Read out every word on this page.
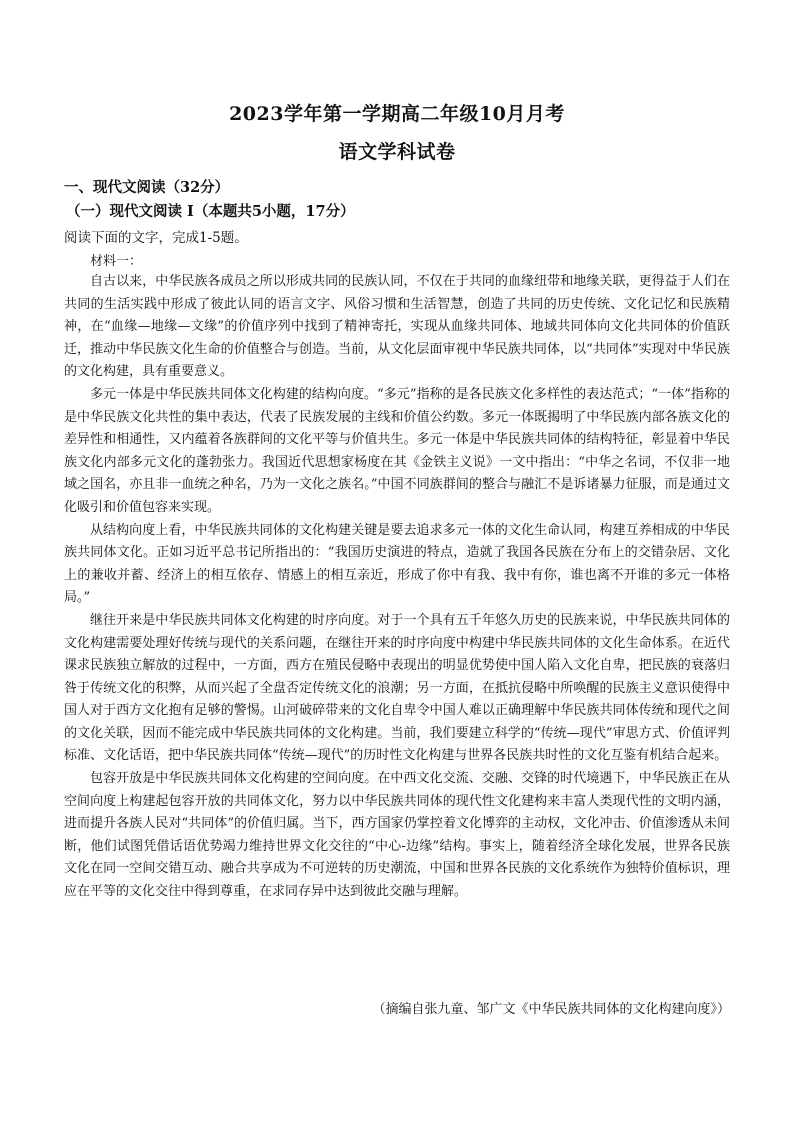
2023学年第一学期高二年级10月月考
语文学科试卷
一、现代文阅读（32分）
（一）现代文阅读 I（本题共5小题，17分）
阅读下面的文字，完成1-5题。
材料一：

自古以来，中华民族各成员之所以形成共同的民族认同，不仅在于共同的血缘纽带和地缘关联，更得益于人们在共同的生活实践中形成了彼此认同的语言文字、风俗习惯和生活智慧，创造了共同的历史传统、文化记忆和民族精神，在“血缘—地缘—文缘”的价值序列中找到了精神寄托，实现从血缘共同体、地域共同体向文化共同体的价值跃迁，推动中华民族文化生命的价值整合与创造。当前，从文化层面审视中华民族共同体，以“共同体”实现对中华民族的文化构建，具有重要意义。

多元一体是中华民族共同体文化构建的结构向度。“多元”指称的是各民族文化多样性的表达范式；“一体”指称的是中华民族文化共性的集中表达，代表了民族发展的主线和价值公约数。多元一体既揭明了中华民族内部各族文化的差异性和相通性，又内蕴着各族群间的文化平等与价值共生。多元一体是中华民族共同体的结构特征，彰显着中华民族文化内部多元文化的蓬勃张力。我国近代思想家杨度在其《金铁主义说》一文中指出：“中华之名词，不仅非一地域之国名，亦且非一血统之种名，乃为一文化之族名。”中国不同族群间的整合与融汇不是诉诸暴力征服，而是通过文化吸引和价值包容来实现。

从结构向度上看，中华民族共同体的文化构建关键是要去追求多元一体的文化生命认同，构建互养相成的中华民族共同体文化。正如习近平总书记所指出的：“我国历史演进的特点，造就了我国各民族在分布上的交错杂居、文化上的兼收并蓄、经济上的相互依存、情感上的相互亲近，形成了你中有我、我中有你，谁也离不开谁的多元一体格局。”

继往开来是中华民族共同体文化构建的时序向度。对于一个具有五千年悠久历史的民族来说，中华民族共同体的文化构建需要处理好传统与现代的关系问题，在继往开来的时序向度中构建中华民族共同体的文化生命体系。在近代课求民族独立解放的过程中，一方面，西方在殖民侵略中表现出的明显优势使中国人陷入文化自卑，把民族的衰落归咎于传统文化的积弊，从而兴起了全盘否定传统文化的浪潮；另一方面，在抵抗侵略中所唤醒的民族主义意识使得中国人对于西方文化抱有足够的警惕。山河破碎带来的文化自卑令中国人难以正确理解中华民族共同体传统和现代之间的文化关联，因而不能完成中华民族共同体的文化构建。当前，我们要建立科学的“传统—现代”审思方式、价值评判标准、文化话语，把中华民族共同体“传统—现代”的历时性文化构建与世界各民族共时性的文化互鉴有机结合起来。

包容开放是中华民族共同体文化构建的空间向度。在中西文化交流、交融、交锋的时代境遇下，中华民族正在从空间向度上构建起包容开放的共同体文化，努力以中华民族共同体的现代性文化建构来丰富人类现代性的文明内涵，进而提升各族人民对“共同体”的价值归属。当下，西方国家仍掌控着文化博弈的主动权，文化冲击、价值渗透从未间断，他们试图凭借话语优势竭力维持世界文化交往的“中心-边缘”结构。事实上，随着经济全球化发展，世界各民族文化在同一空间交错互动、融合共享成为不可逆转的历史潮流，中国和世界各民族的文化系统作为独特价值标识，理应在平等的文化交往中得到尊重，在求同存异中达到彼此交融与理解。

（摘编自张九童、邹广文《中华民族共同体的文化构建向度》）
